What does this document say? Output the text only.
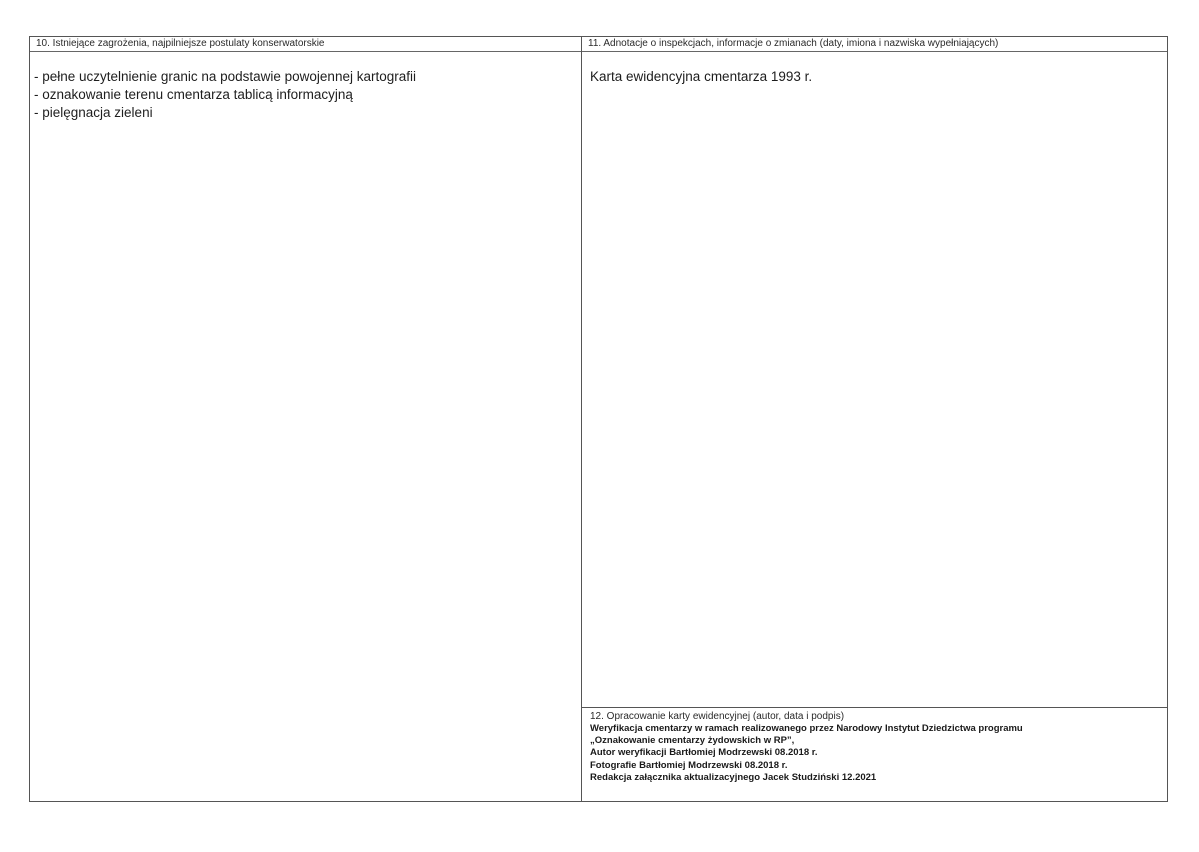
10. Istniejące zagrożenia, najpilniejsze postulaty konserwatorskie
- pełne uczytelnienie granic na podstawie powojennej kartografii
- oznakowanie terenu cmentarza tablicą informacyjną
- pielęgnacja zieleni
11. Adnotacje o inspekcjach, informacje o zmianach (daty, imiona i nazwiska wypełniających)
Karta ewidencyjna cmentarza 1993 r.
12. Opracowanie karty ewidencyjnej (autor, data i podpis)
Weryfikacja cmentarzy w ramach realizowanego przez Narodowy Instytut Dziedzictwa programu
„Oznakowanie cmentarzy żydowskich w RP”,
Autor weryfikacji Bartłomiej Modrzewski 08.2018 r.
Fotografie Bartłomiej Modrzewski 08.2018 r.
Redakcja załącznika aktualizacyjnego Jacek Studziński 12.2021
